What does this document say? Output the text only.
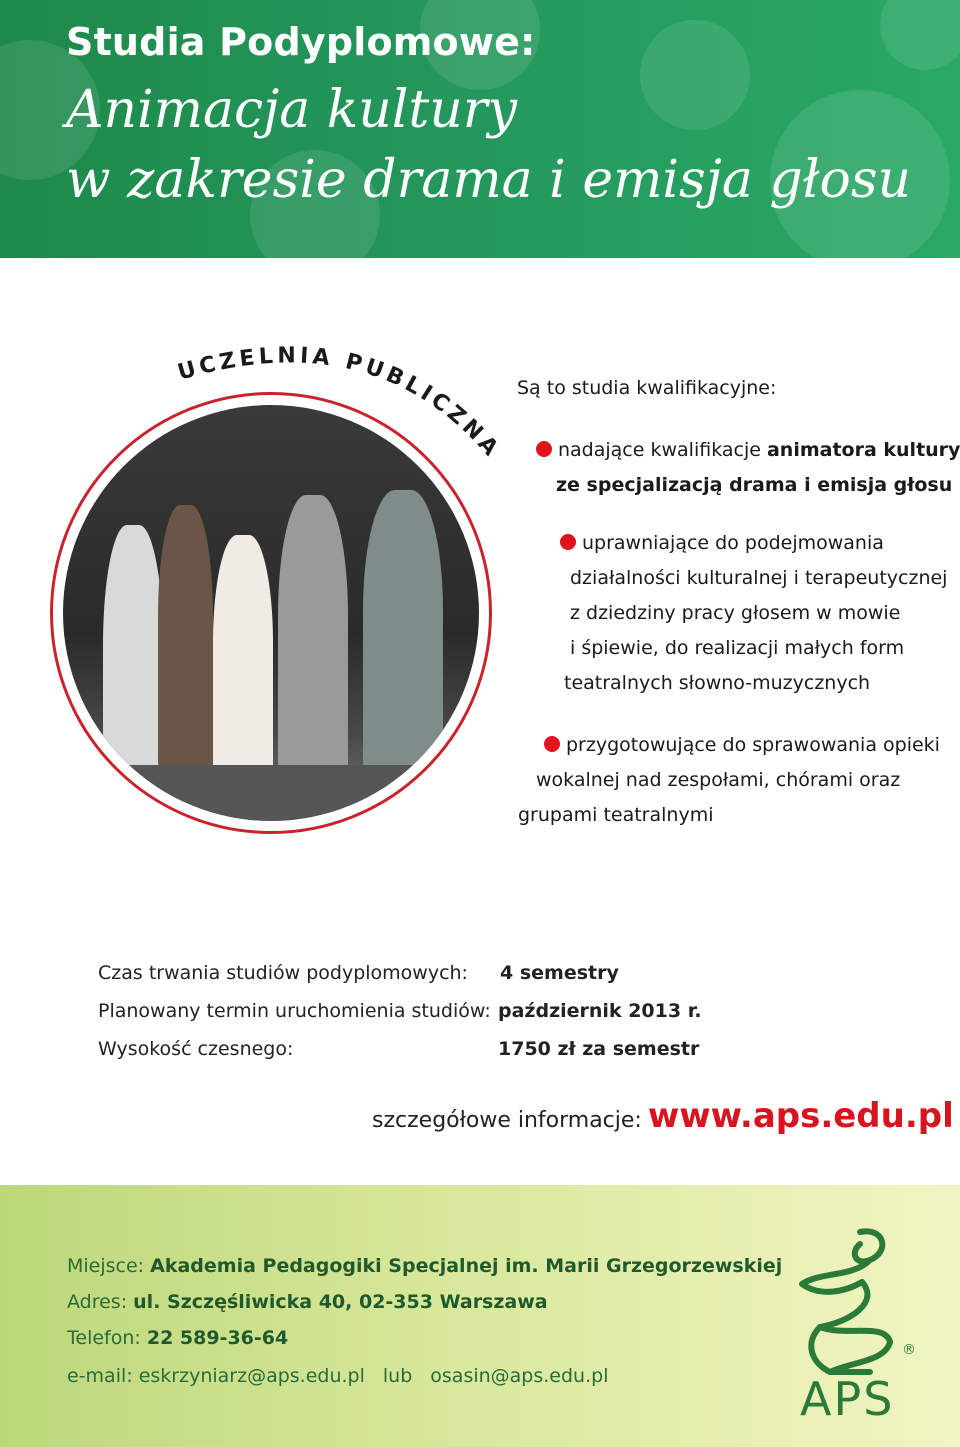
Studia Podyplomowe:
Animacja kultury
w zakresie drama i emisja głosu
UCZELNIA PUBLICZNA
Są to studia kwalifikacyjne:
nadające kwalifikacje animatora kultury
ze specjalizacją drama i emisja głosu
uprawniające do podejmowania
działalności kulturalnej i terapeutycznej
z dziedziny pracy głosem w mowie
i śpiewie, do realizacji małych form
teatralnych słowno-muzycznych
przygotowujące do sprawowania opieki
wokalnej nad zespołami, chórami oraz
grupami teatralnymi
Czas trwania studiów podyplomowych: 4 semestry
Planowany termin uruchomienia studiów: październik 2013 r.
Wysokość czesnego:	1750 zł za semestr
szczegółowe informacje: www.aps.edu.pl
Miejsce: Akademia Pedagogiki Specjalnej im. Marii Grzegorzewskiej
Adres: ul. Szczęśliwicka 40, 02-353 Warszawa
Telefon: 22 589-36-64
e-mail: eskrzyniarz@aps.edu.pl lub osasin@aps.edu.pl
®
APS
